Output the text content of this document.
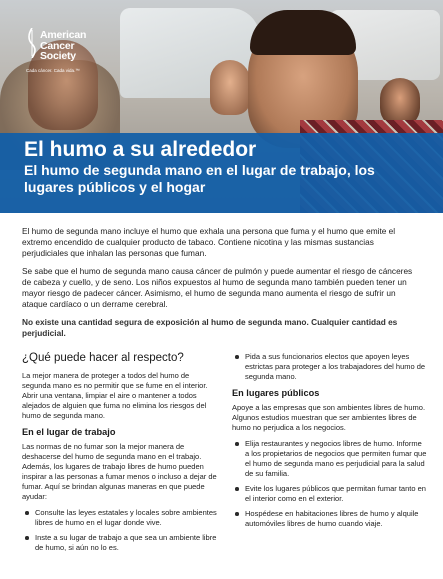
American
Cancer
Society
Cada cáncer. Cada vida.™
El humo a su alrededor
El humo de segunda mano en el lugar de trabajo, los lugares públicos y el hogar

El humo de segunda mano incluye el humo que exhala una persona que fuma y el humo que emite el extremo encendido de cualquier producto de tabaco. Contiene nicotina y las mismas sustancias perjudiciales que inhalan las personas que fuman.

Se sabe que el humo de segunda mano causa cáncer de pulmón y puede aumentar el riesgo de cánceres de cabeza y cuello, y de seno. Los niños expuestos al humo de segunda mano también pueden tener un mayor riesgo de padecer cáncer. Asimismo, el humo de segunda mano aumenta el riesgo de sufrir un ataque cardíaco o un derrame cerebral.

No existe una cantidad segura de exposición al humo de segunda mano. Cualquier cantidad es perjudicial.

¿Qué puede hacer al respecto?

La mejor manera de proteger a todos del humo de segunda mano es no permitir que se fume en el interior. Abrir una ventana, limpiar el aire o mantener a todos alejados de alguien que fuma no elimina los riesgos del humo de segunda mano.

En el lugar de trabajo

Las normas de no fumar son la mejor manera de deshacerse del humo de segunda mano en el trabajo. Además, los lugares de trabajo libres de humo pueden inspirar a las personas a fumar menos o incluso a dejar de fumar. Aquí se brindan algunas maneras en que puede ayudar:

Consulte las leyes estatales y locales sobre ambientes libres de humo en el lugar donde vive.
Inste a su lugar de trabajo a que sea un ambiente libre de humo, si aún no lo es.
Pida a sus funcionarios electos que apoyen leyes estrictas para proteger a los trabajadores del humo de segunda mano.
En lugares públicos

Apoye a las empresas que son ambientes libres de humo. Algunos estudios muestran que ser ambientes libres de humo no perjudica a los negocios.

Elija restaurantes y negocios libres de humo. Informe a los propietarios de negocios que permiten fumar que el humo de segunda mano es perjudicial para la salud de su familia.
Evite los lugares públicos que permitan fumar tanto en el interior como en el exterior.
Hospédese en habitaciones libres de humo y alquile automóviles libres de humo cuando viaje.
